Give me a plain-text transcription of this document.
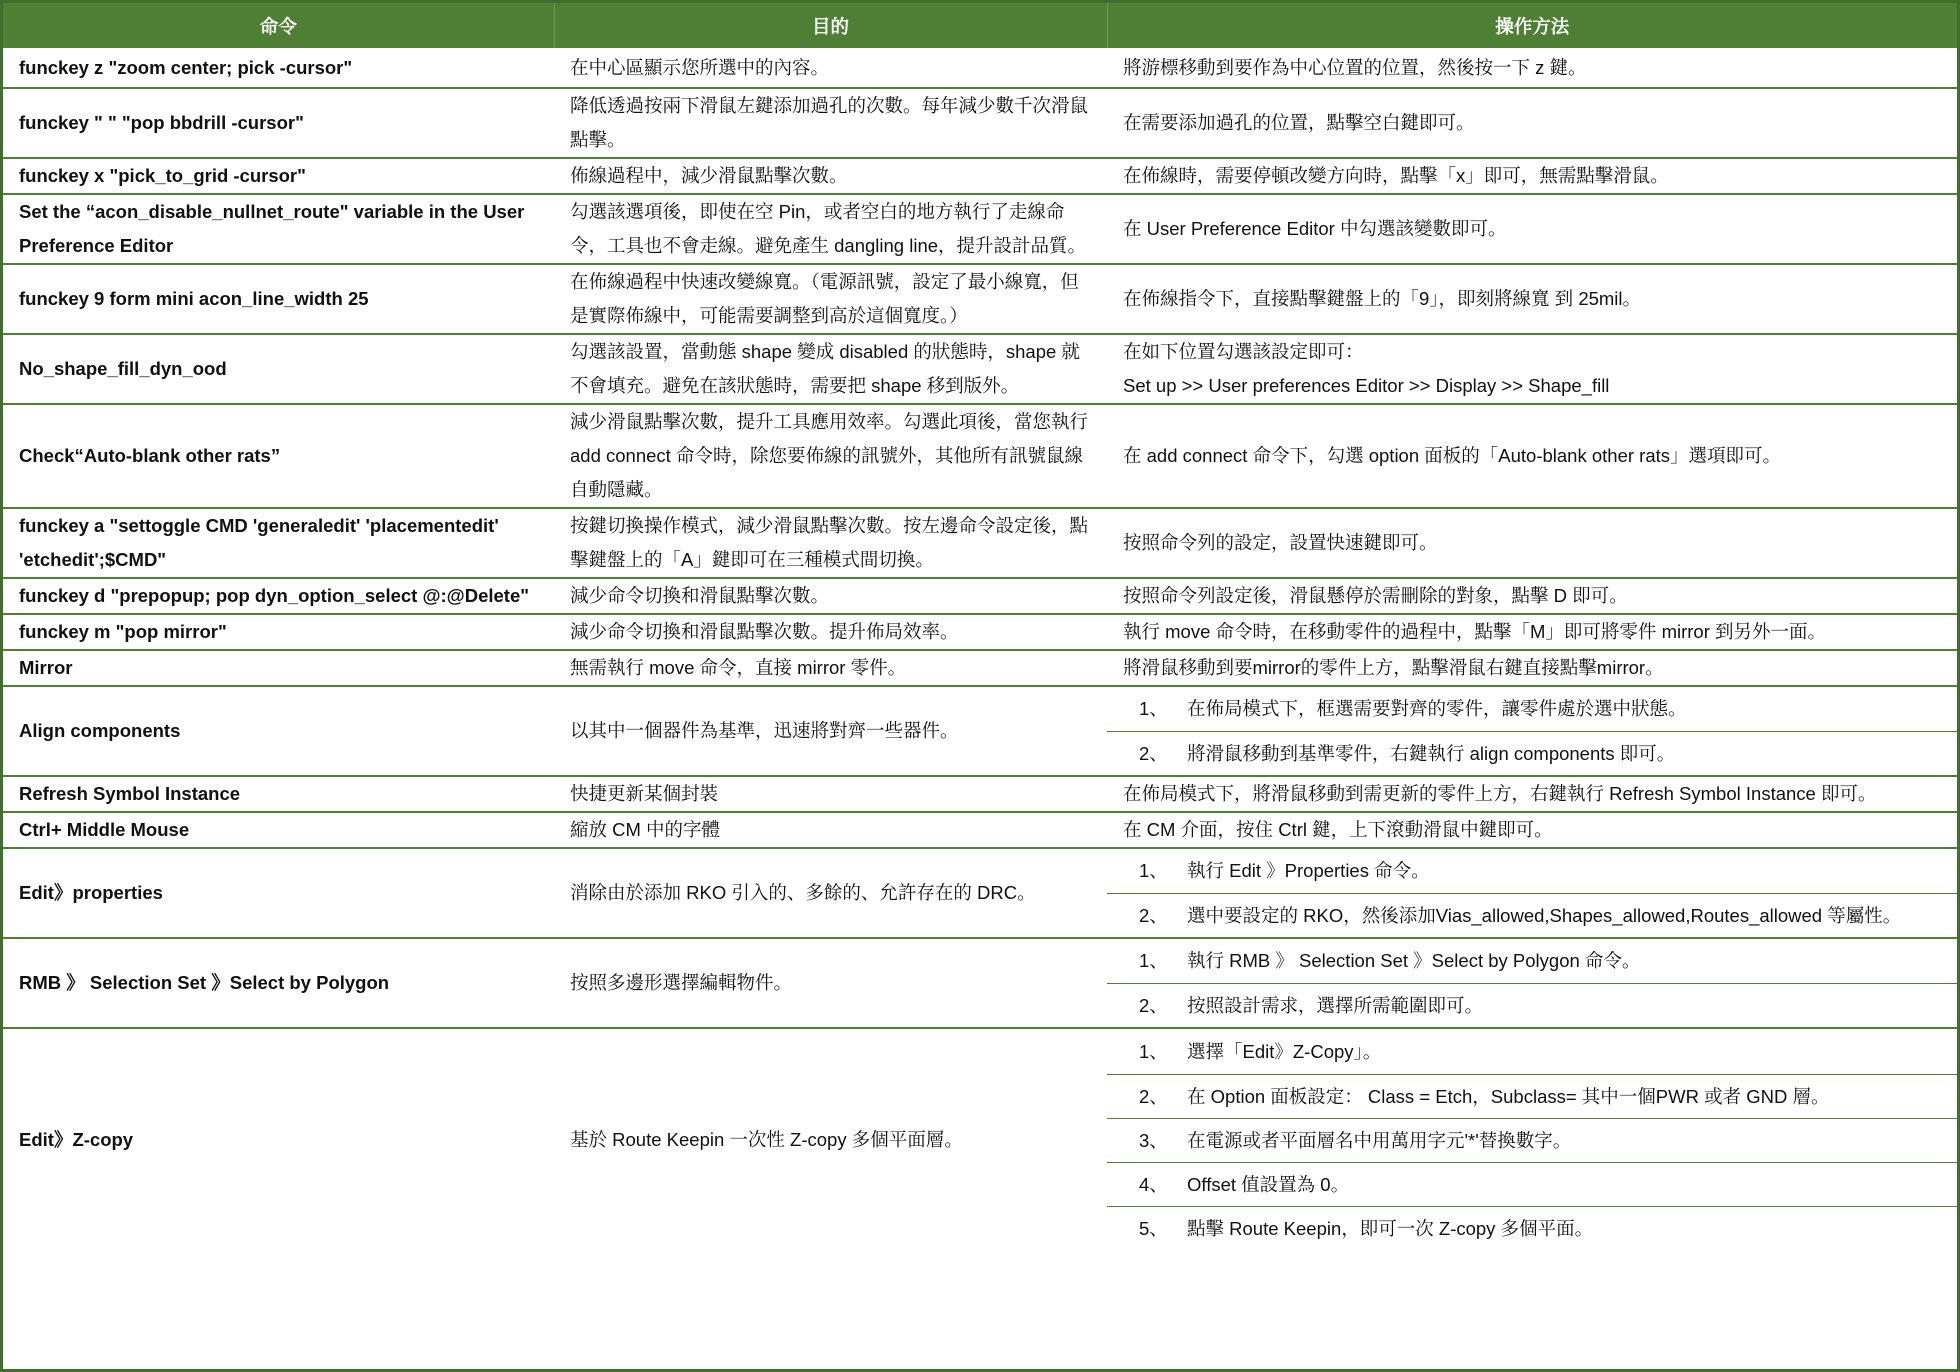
命令	目的	操作方法
funckey z "zoom center; pick -cursor"	在中心區顯示您所選中的內容。	將游標移動到要作為中心位置的位置，然後按一下 z 鍵。
funckey " " "pop bbdrill -cursor"	降低透過按兩下滑鼠左鍵添加過孔的次數。每年減少數千次滑鼠點擊。	在需要添加過孔的位置，點擊空白鍵即可。
funckey x "pick_to_grid -cursor"	佈線過程中，減少滑鼠點擊次數。	在佈線時，需要停頓改變方向時，點擊「x」即可，無需點擊滑鼠。
Set the “acon_disable_nullnet_route" variable in the User Preference Editor	勾選該選項後，即使在空 Pin，或者空白的地方執行了走線命令，工具也不會走線。避免產生 dangling line，提升設計品質。	在 User Preference Editor 中勾選該變數即可。
funckey 9 form mini acon_line_width 25	在佈線過程中快速改變線寬。（電源訊號，設定了最小線寬，但是實際佈線中，可能需要調整到高於這個寬度。）	在佈線指令下，直接點擊鍵盤上的「9」，即刻將線寬 到 25mil。
No_shape_fill_dyn_ood	勾選該設置，當動態 shape 變成 disabled 的狀態時，shape 就不會填充。避免在該狀態時，需要把 shape 移到版外。	在如下位置勾選該設定即可：
Set up >> User preferences Editor >> Display >> Shape_fill
Check“Auto-blank other rats”	減少滑鼠點擊次數，提升工具應用效率。勾選此項後，當您執行 add connect 命令時，除您要佈線的訊號外，其他所有訊號鼠線自動隱藏。	在 add connect 命令下，勾選 option 面板的「Auto-blank other rats」選項即可。
funckey a "settoggle CMD 'generaledit' 'placementedit' 'etchedit';$CMD"	按鍵切換操作模式，減少滑鼠點擊次數。按左邊命令設定後，點擊鍵盤上的「A」鍵即可在三種模式間切換。	按照命令列的設定，設置快速鍵即可。
funckey d "prepopup; pop dyn_option_select @:@Delete"	減少命令切換和滑鼠點擊次數。	按照命令列設定後，滑鼠懸停於需刪除的對象，點擊 D 即可。
funckey m "pop mirror"	減少命令切換和滑鼠點擊次數。提升佈局效率。	執行 move 命令時，在移動零件的過程中，點擊「M」即可將零件 mirror 到另外一面。
Mirror	無需執行 move 命令，直接 mirror 零件。	將滑鼠移動到要mirror的零件上方，點擊滑鼠右鍵直接點擊mirror。
Align components	以其中一個器件為基準，迅速將對齊一些器件。	1、 在佈局模式下，框選需要對齊的零件，讓零件處於選中狀態。
2、 將滑鼠移動到基準零件，右鍵執行 align components 即可。

Refresh Symbol Instance	快捷更新某個封裝	在佈局模式下，將滑鼠移動到需更新的零件上方，右鍵執行 Refresh Symbol Instance 即可。
Ctrl+ Middle Mouse	縮放 CM 中的字體	在 CM 介面，按住 Ctrl 鍵，上下滾動滑鼠中鍵即可。
Edit》properties	消除由於添加 RKO 引入的、多餘的、允許存在的 DRC。	1、 執行 Edit 》Properties 命令。
2、 選中要設定的 RKO，然後添加Vias_allowed,Shapes_allowed,Routes_allowed 等屬性。

RMB 》 Selection Set 》Select by Polygon	按照多邊形選擇編輯物件。	1、 執行 RMB 》 Selection Set 》Select by Polygon 命令。
2、 按照設計需求，選擇所需範圍即可。

Edit》Z-copy	基於 Route Keepin 一次性 Z-copy 多個平面層。	1、 選擇「Edit》Z-Copy」。
2、 在 Option 面板設定： Class = Etch，Subclass= 其中一個PWR 或者 GND 層。
3、 在電源或者平面層名中用萬用字元'*'替換數字。
4、 Offset 值設置為 0。
5、 點擊 Route Keepin，即可一次 Z-copy 多個平面。
